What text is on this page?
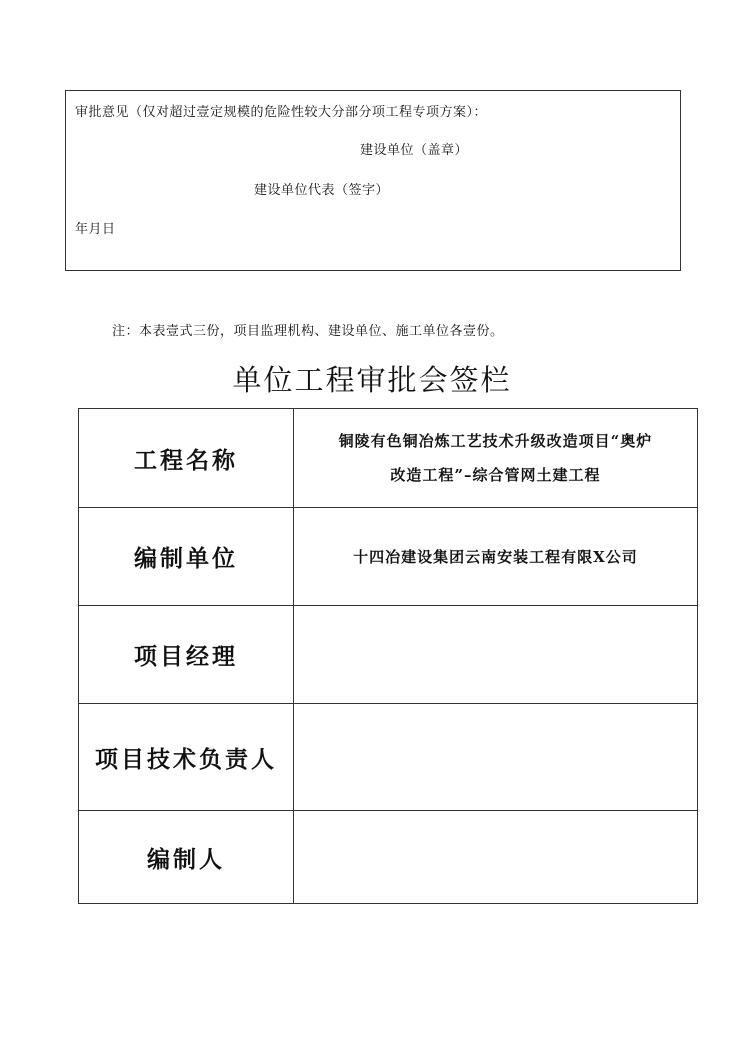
审批意见（仅对超过壹定规模的危险性较大分部分项工程专项方案）：
建设单位（盖章）
建设单位代表（签字）
年月日
注：本表壹式三份，项目监理机构、建设单位、施工单位各壹份。
单位工程审批会签栏
工程名称	铜陵有色铜冶炼工艺技术升级改造项目“奥炉
改造工程”–综合管网土建工程

编制单位	十四冶建设集团云南安装工程有限X公司
项目经理	
项目技术负责人	
编制人	
